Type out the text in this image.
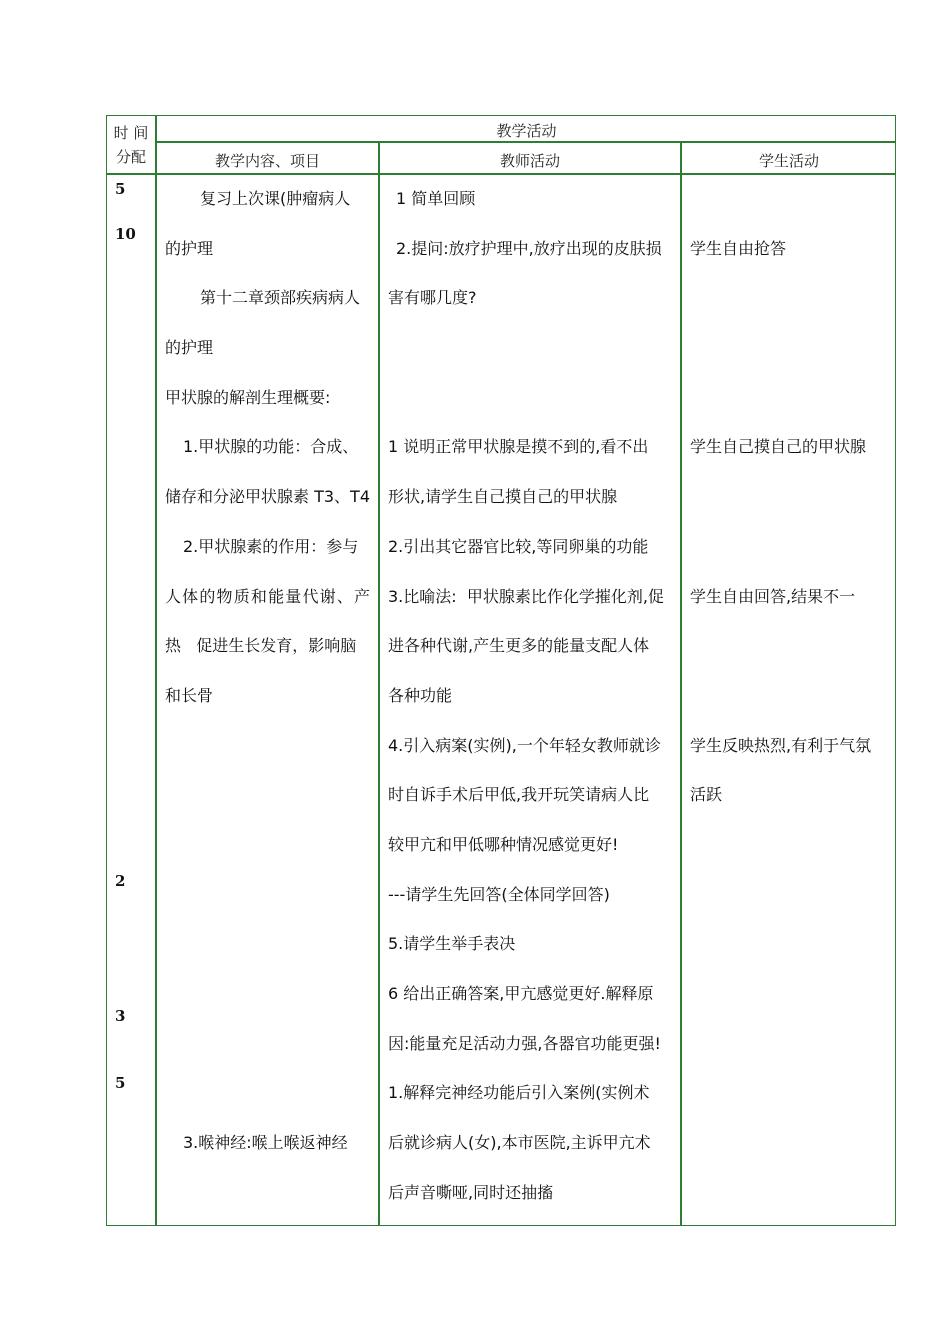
时 间
分配
教学活动
教学内容、项目	教师活动	学生活动
5
10
2
3
5
复习上次课(肿瘤病人
的护理
第十二章颈部疾病病人
的护理
甲状腺的解剖生理概要:
1.甲状腺的功能：合成、
储存和分泌甲状腺素 T3、T4
2.甲状腺素的作用：参与
人体的物质和能量代谢、产
热   促进生长发育，影响脑
和长骨
3.喉神经:喉上喉返神经
1 简单回顾
2.提问:放疗护理中,放疗出现的皮肤损
害有哪几度?
1 说明正常甲状腺是摸不到的,看不出
形状,请学生自己摸自己的甲状腺
2.引出其它器官比较,等同卵巢的功能
3.比喻法:  甲状腺素比作化学摧化剂,促
进各种代谢,产生更多的能量支配人体
各种功能
4.引入病案(实例),一个年轻女教师就诊
时自诉手术后甲低,我开玩笑请病人比
较甲亢和甲低哪种情况感觉更好!
---请学生先回答(全体同学回答)
5.请学生举手表决
6 给出正确答案,甲亢感觉更好.解释原
因:能量充足活动力强,各器官功能更强!
1.解释完神经功能后引入案例(实例术
后就诊病人(女),本市医院,主诉甲亢术
后声音嘶哑,同时还抽搐
学生自由抢答
学生自己摸自己的甲状腺
学生自由回答,结果不一
学生反映热烈,有利于气氛
活跃
